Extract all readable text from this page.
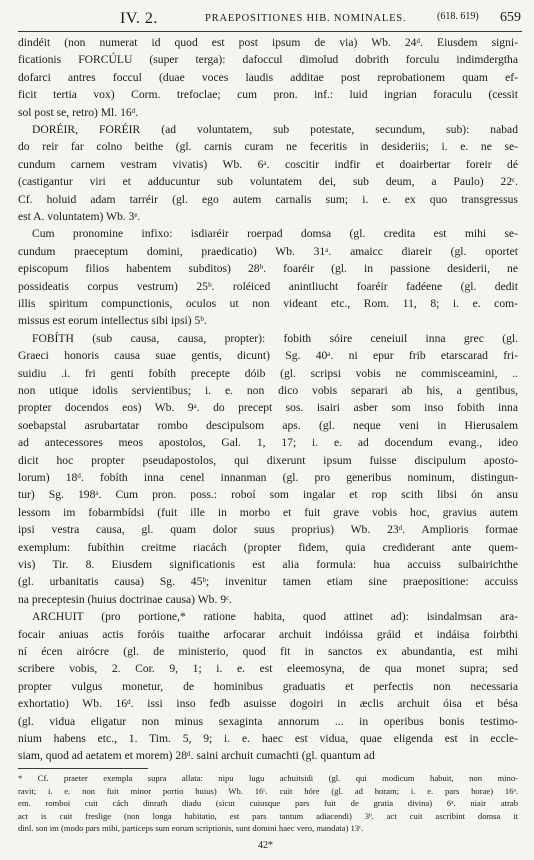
IV. 2.	PRAEPOSITIONES HIB. NOMINALES.	(618. 619) 659
dindéit (non numerat id quod est post ipsum de via) Wb. 24ᵈ. Eiusdem signi-
ficationis FORCÚLU (super terga): dafoccul dimolud dobrith forculu indimdergtha
dofarci antres foccul (duae voces laudis additae post reprobationem quam ef-
ficit tertia vox) Corm. trefoclae; cum pron. inf.: luid ingrian foraculu (cessit
sol post se, retro) Ml. 16ᵈ.
DORÉIR, FORÉIR (ad voluntatem, sub potestate, secundum, sub): nabad
do reir far colno beithe (gl. carnis curam ne feceritis in desideriis; i. e. ne se-
cundum carnem vestram vivatis) Wb. 6ᵃ. coscitir indfir et doairbertar foreir dé
(castigantur viri et adducuntur sub voluntatem dei, sub deum, a Paulo) 22ᶜ.
Cf. holuid adam tarréir (gl. ego autem carnalis sum; i. e. ex quo transgressus
est A. voluntatem) Wb. 3ᵉ.
Cum pronomine infixo: isdiaréir roerpad domsa (gl. credita est mihi se-
cundum praeceptum domini, praedicatio) Wb. 31ᵃ. amaicc diareir (gl. oportet
episcopum filios habentem subditos) 28ᵇ. foaréir (gl. in passione desiderii, ne
possideatis corpus vestrum) 25ᵇ. roléiced anintliucht foaréir fadéene (gl. dedit
illis spiritum compunctionis, oculos ut non videant etc., Rom. 11, 8; i. e. com-
missus est eorum intellectus sibi ipsi) 5ᵇ.
FOBÍTH (sub causa, causa, propter): fobith sóire ceneiuil inna grec (gl.
Graeci honoris causa suae gentis, dicunt) Sg. 40ᵃ. ni epur frib etarscarad fri-
suidiu .i. fri genti fobíth precepte dóib (gl. scripsi vobis ne commisceamini, ..
non utique idolis servientibus; i. e. non dico vobis separari ab his, a gentibus,
propter docendos eos) Wb. 9ᵃ. do precept sos. isairi asber som inso fobith inna
soebapstal asrubartatar rombo descipulsom aps. (gl. neque veni in Hierusalem
ad antecessores meos apostolos, Gal. 1, 17; i. e. ad docendum evang., ideo
dicit hoc propter pseudapostolos, qui dixerunt ipsum fuisse discipulum aposto-
lorum) 18ᵈ. fobíth inna cenel innanman (gl. pro generibus nominum, distingun-
tur) Sg. 198ᵃ. Cum pron. poss.: roboí som ingalar et rop scith libsi ón ansu
lessom im fobarmbídsi (fuit ille in morbo et fuit grave vobis hoc, gravius autem
ipsi vestra causa, gl. quam dolor suus proprius) Wb. 23ᵈ. Amplioris formae
exemplum: fubíthin creitme riacách (propter fidem, quia crediderant ante quem-
vis) Tir. 8. Eiusdem significationis est alia formula: hua accuiss sulbairichthe
(gl. urbanitatis causa) Sg. 45ᵇ; invenitur tamen etiam sine praepositione: accuiss
na preceptesin (huius doctrinae causa) Wb. 9ᶜ.
ARCHUIT (pro portione,* ratione habita, quod attinet ad): isindalmsan ara-
focair aniuas actis foróis tuaithe arfocarar archuit indóissa gráid et indáisa foirbthi
ní écen airócre (gl. de ministerio, quod fit in sanctos ex abundantia, est mihi
scribere vobis, 2. Cor. 9, 1; i. e. est eleemosyna, de qua monet supra; sed
propter vulgus monetur, de hominibus graduatis et perfectis non necessaria
exhortatio) Wb. 16ᵈ. issi inso fedb asuisse dogoiri in æclis archuit óisa et bésa
(gl. vidua eligatur non minus sexaginta annorum ... in operibus bonis testimo-
nium habens etc., 1. Tim. 5, 9; i. e. haec est vidua, quae eligenda est in eccle-
siam, quod ad aetatem et morem) 28ᵈ. saini archuit cumachti (gl. quantum ad
* Cf. praeter exempla supra allata: nipu lugu achuitsidi (gl. qui modicum habuit, non mino-
ravit; i. e. non fuit minor portio huius) Wb. 16ᶜ. cuit hóre (gl. ad horam; i. e. pars horae) 16ᵃ.
em. romboi cuit cách dinrath diadu (sicut cuiusque pars fuit de gratia divina) 6ᵃ. niair atrab
act is cuit freslige (non longa habitatio, est pars tantum adiacendi) 3ᵇ. act cuit ascribint domsa it
dinl. son im (modo pars mihi, particeps sum eorum scriptionis, sunt domini haec vero, mandata) 13ᶜ.
42*
